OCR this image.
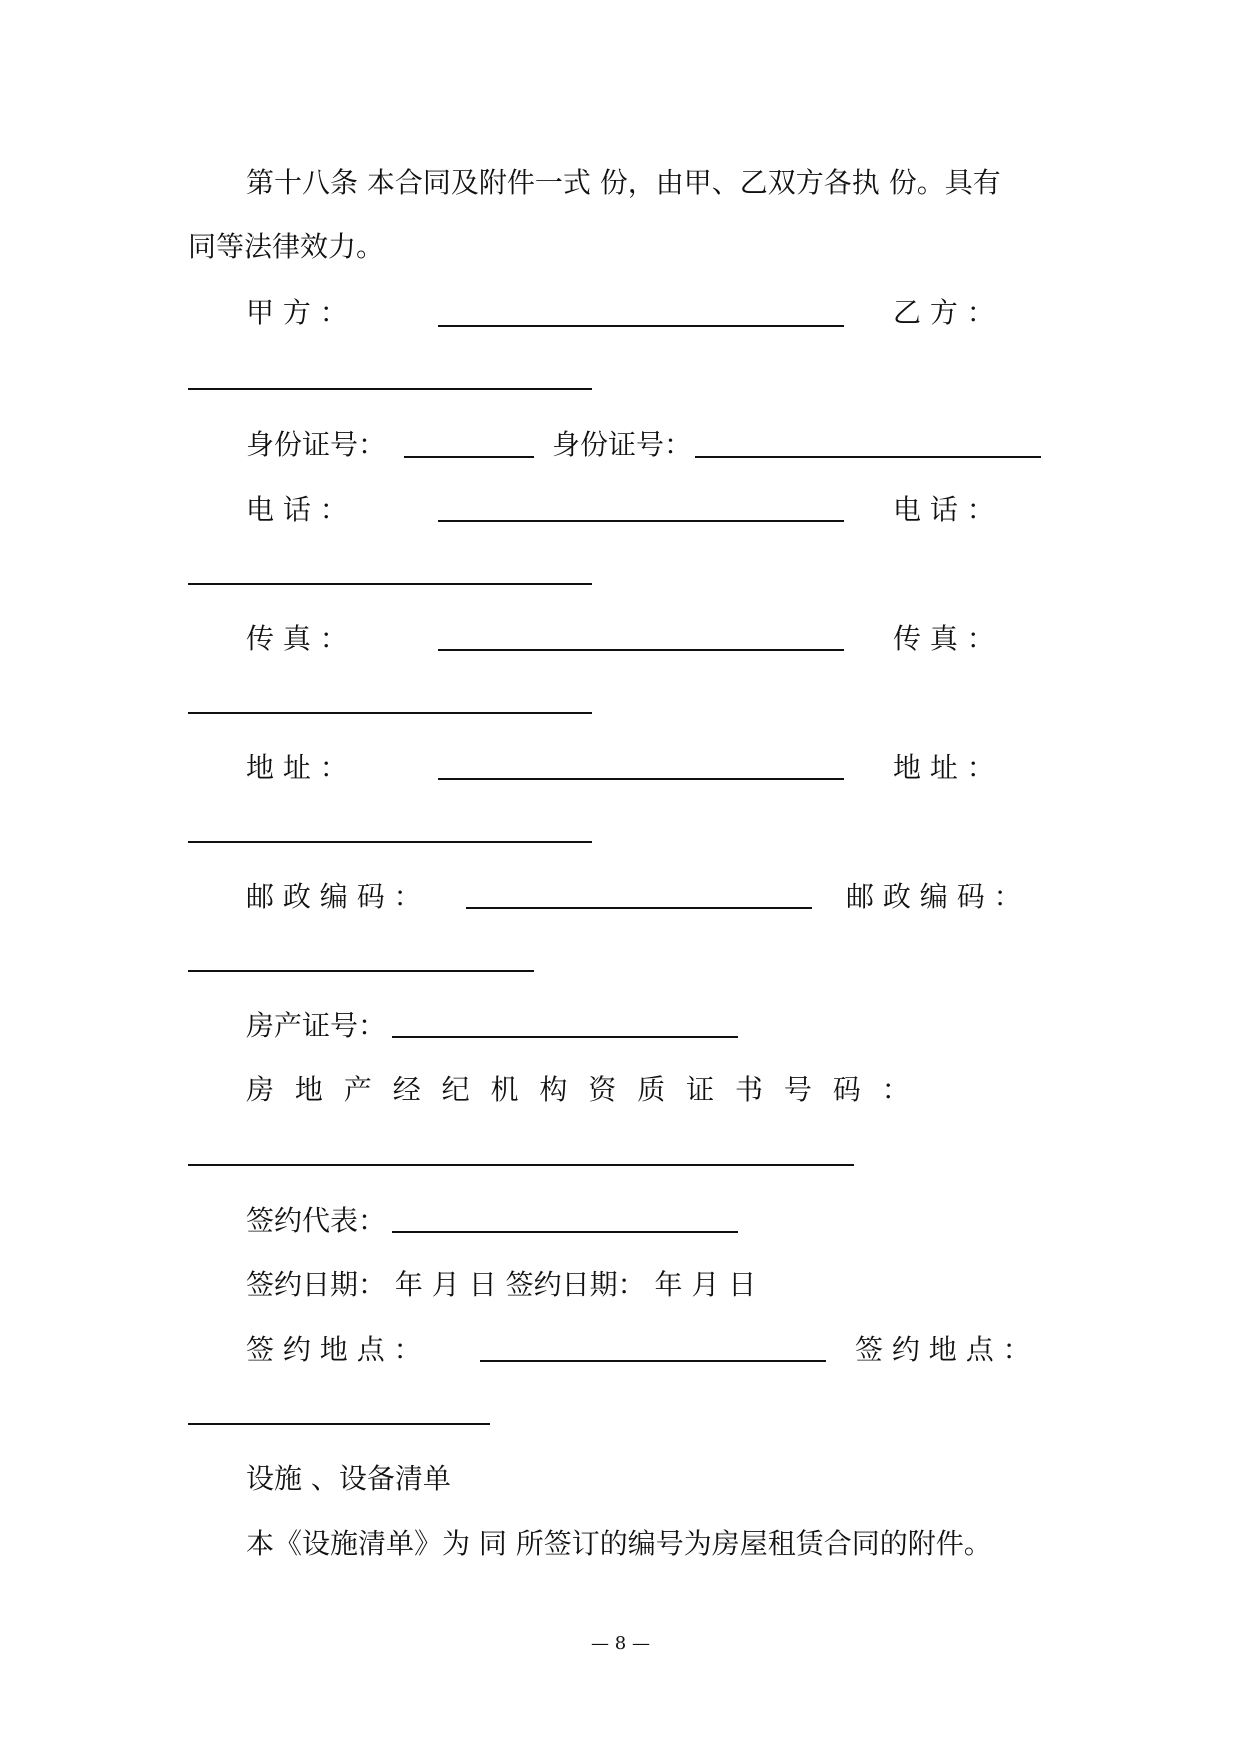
第十八条 本合同及附件一式 份，由甲、乙双方各执 份。具有
同等法律效力。
甲 方 ：	乙 方 ：
身份证号：	身份证号：
电 话 ：	电 话 ：
传 真 ：	传 真 ：
地 址 ：	地 址 ：
邮 政 编 码 ：	邮 政 编 码 ：
房产证号：
房 地 产 经 纪 机 构 资 质 证 书 号 码 ：
签约代表：
签约日期： 年 月 日 签约日期： 年 月 日
签 约 地 点 ：	签 约 地 点 ：
设施 、设备清单
本《设施清单》为 同 所签订的编号为房屋租赁合同的附件。
— 8 —
